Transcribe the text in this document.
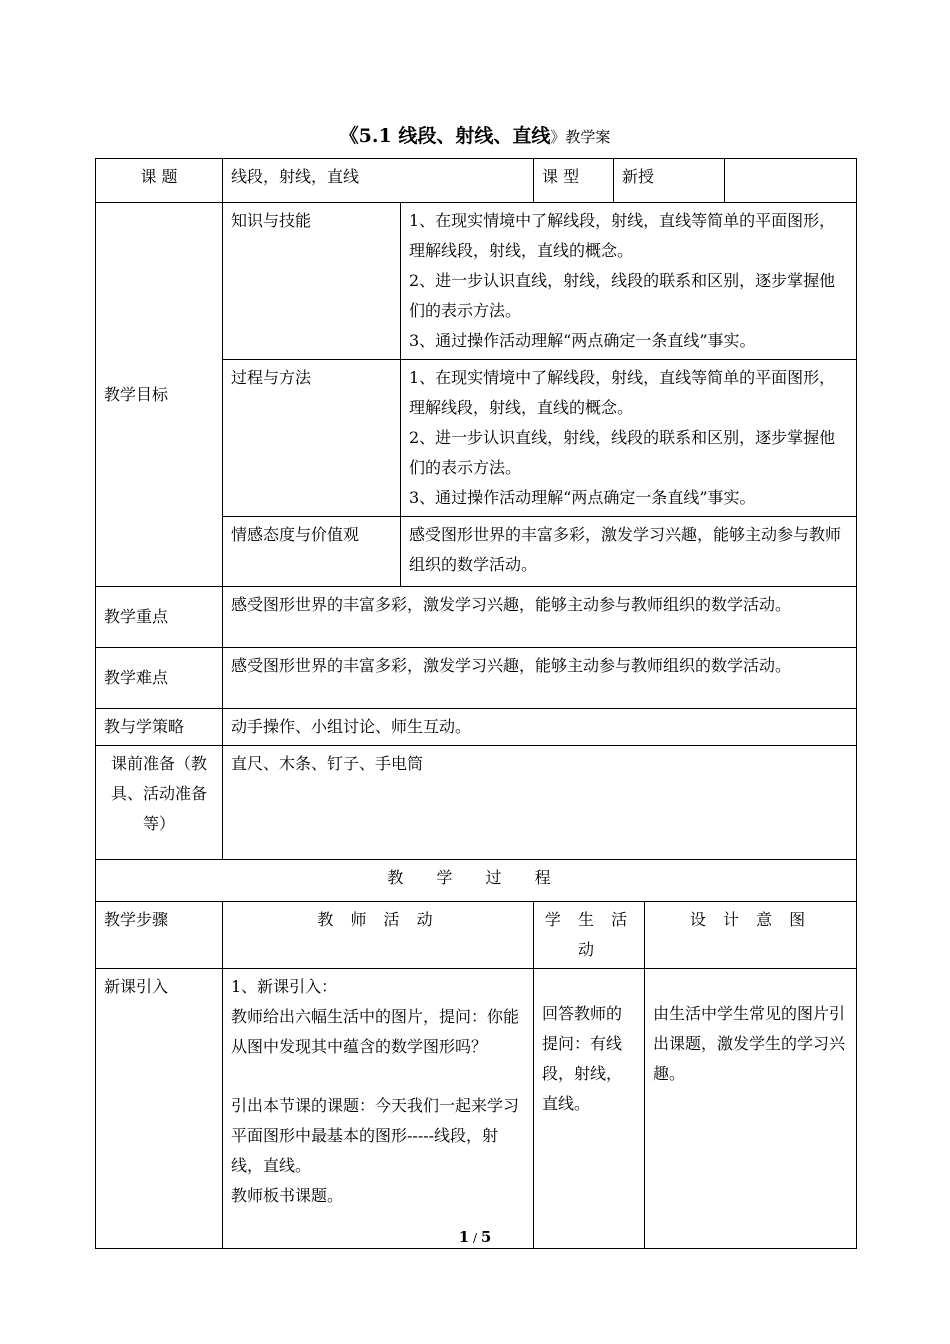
《5.1 线段、射线、直线》教学案
课 题	线段，射线，直线		课 型	新授		
教学目标	知识与技能	1、在现实情境中了解线段，射线，直线等简单的平面图形，理解线段，射线，直线的概念。

2、进一步认识直线，射线，线段的联系和区别，逐步掌握他们的表示方法。

3、通过操作活动理解“两点确定一条直线”事实。				

	过程与方法	1、在现实情境中了解线段，射线，直线等简单的平面图形，理解线段，射线，直线的概念。

2、进一步认识直线，射线，线段的联系和区别，逐步掌握他们的表示方法。

3、通过操作活动理解“两点确定一条直线”事实。				

	情感态度与价值观	感受图形世界的丰富多彩，激发学习兴趣，能够主动参与教师组织的数学活动。				
教学重点	感受图形世界的丰富多彩，激发学习兴趣，能够主动参与教师组织的数学活动。					
教学难点	感受图形世界的丰富多彩，激发学习兴趣，能够主动参与教师组织的数学活动。					
教与学策略	动手操作、小组讨论、师生互动。					
课前准备（教具、活动准备等）	直尺、木条、钉子、手电筒					
教 学 过 程						
教学步骤	教 师 活 动		学 生 活 动		设 计 意 图	
新课引入	1、新课引入：

教师给出六幅生活中的图片，提问：你能从图中发现其中蕴含的数学图形吗？

引出本节课的课题：今天我们一起来学习平面图形中最基本的图形-----线段，射线，直线。

教师板书课题。		回答教师的提问：有线段，射线，直线。		由生活中学生常见的图片引出课题，激发学生的学习兴趣。	
1 / 5
